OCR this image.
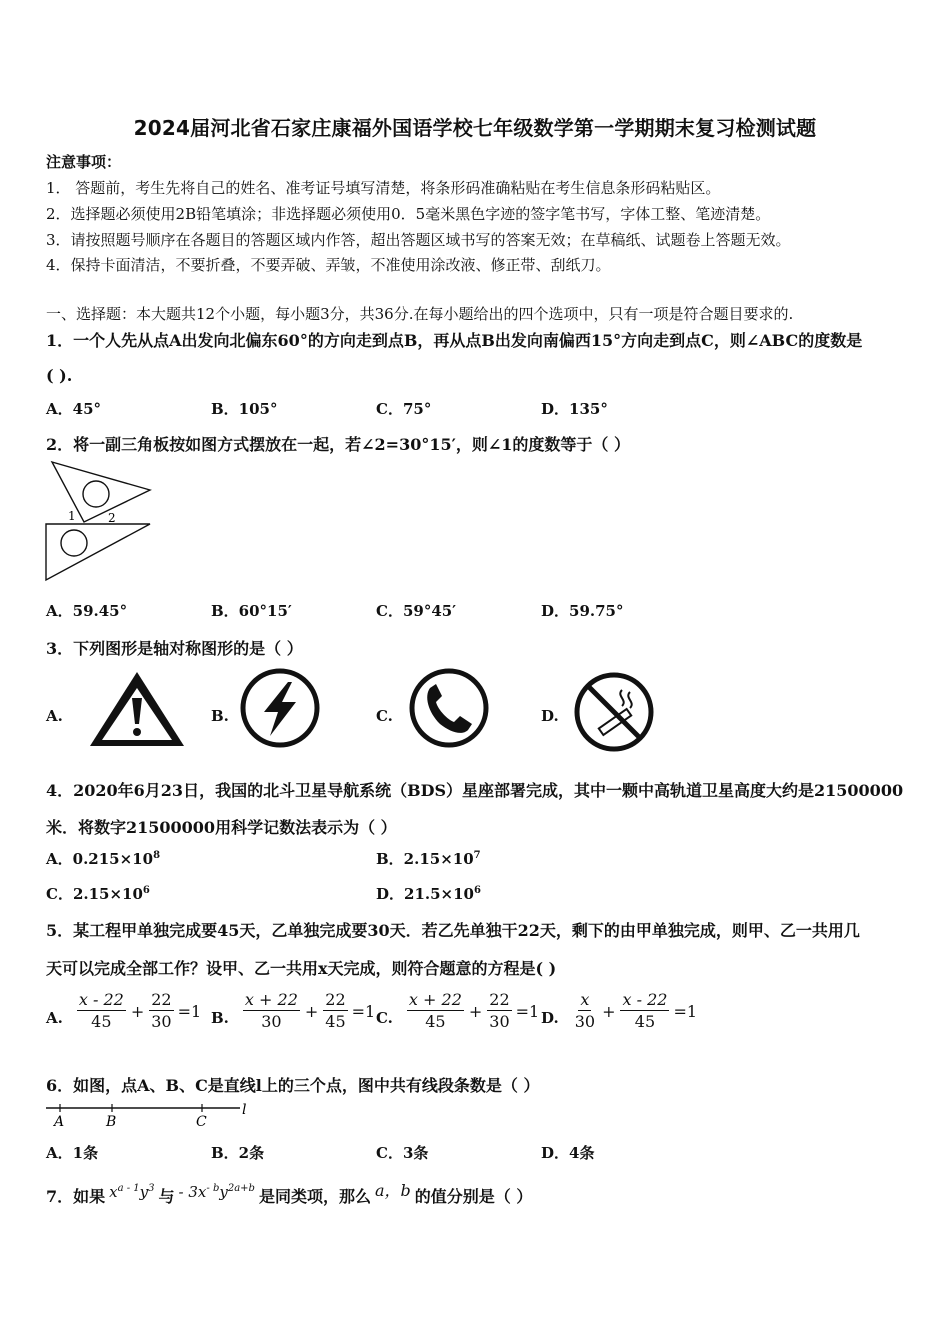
2024届河北省石家庄康福外国语学校七年级数学第一学期期末复习检测试题
注意事项：
1． 答题前，考生先将自己的姓名、准考证号填写清楚，将条形码准确粘贴在考生信息条形码粘贴区。
2．选择题必须使用2B铅笔填涂；非选择题必须使用0．5毫米黑色字迹的签字笔书写，字体工整、笔迹清楚。
3．请按照题号顺序在各题目的答题区域内作答，超出答题区域书写的答案无效；在草稿纸、试题卷上答题无效。
4．保持卡面清洁，不要折叠，不要弄破、弄皱，不准使用涂改液、修正带、刮纸刀。
一、选择题：本大题共12个小题，每小题3分，共36分.在每小题给出的四个选项中，只有一项是符合题目要求的.
1．一个人先从点A出发向北偏东60°的方向走到点B，再从点B出发向南偏西15°方向走到点C，则∠ABC的度数是
( ).
A．45°	B．105°	C．75°	D．135°
2．将一副三角板按如图方式摆放在一起，若∠2=30°15′，则∠1的度数等于（ ）
1	2
A．59.45°	B．60°15′	C．59°45′	D．59.75°
3．下列图形是轴对称图形的是（ ）
A.	B.	C.	D.
4．2020年6月23日，我国的北斗卫星导航系统（BDS）星座部署完成，其中一颗中高轨道卫星高度大约是21500000
米．将数字21500000用科学记数法表示为（ ）
A．$0.215\times 10^8$	B．$2.15\times 10^7$
C．$2.15\times 10^6$	D．$21.5\times 10^6$
5．某工程甲单独完成要45天，乙单独完成要30天．若乙先单独干22天，剩下的由甲单独完成，则甲、乙一共用几
天可以完成全部工作？设甲、乙一共用x天完成，则符合题意的方程是( )
A. $\frac{x - 22}{45} + \frac{22}{30} =1$ B. $\frac{x + 22}{30} + \frac{22}{45} =1$ C. $\frac{x + 22}{45} + \frac{22}{30} =1$ D. $\frac{x}{30} + \frac{x - 22}{45} =1$
6．如图，点A、B、C是直线l上的三个点，图中共有线段条数是（ ）
A	B	C
l
A．1条	B．2条	C．3条	D．4条
7．如果 $x^{a - 1}y^3$ 与 - $3x^{- b}y^{2a+b}$ 是同类项，那么 a，b 的值分别是（ ）
